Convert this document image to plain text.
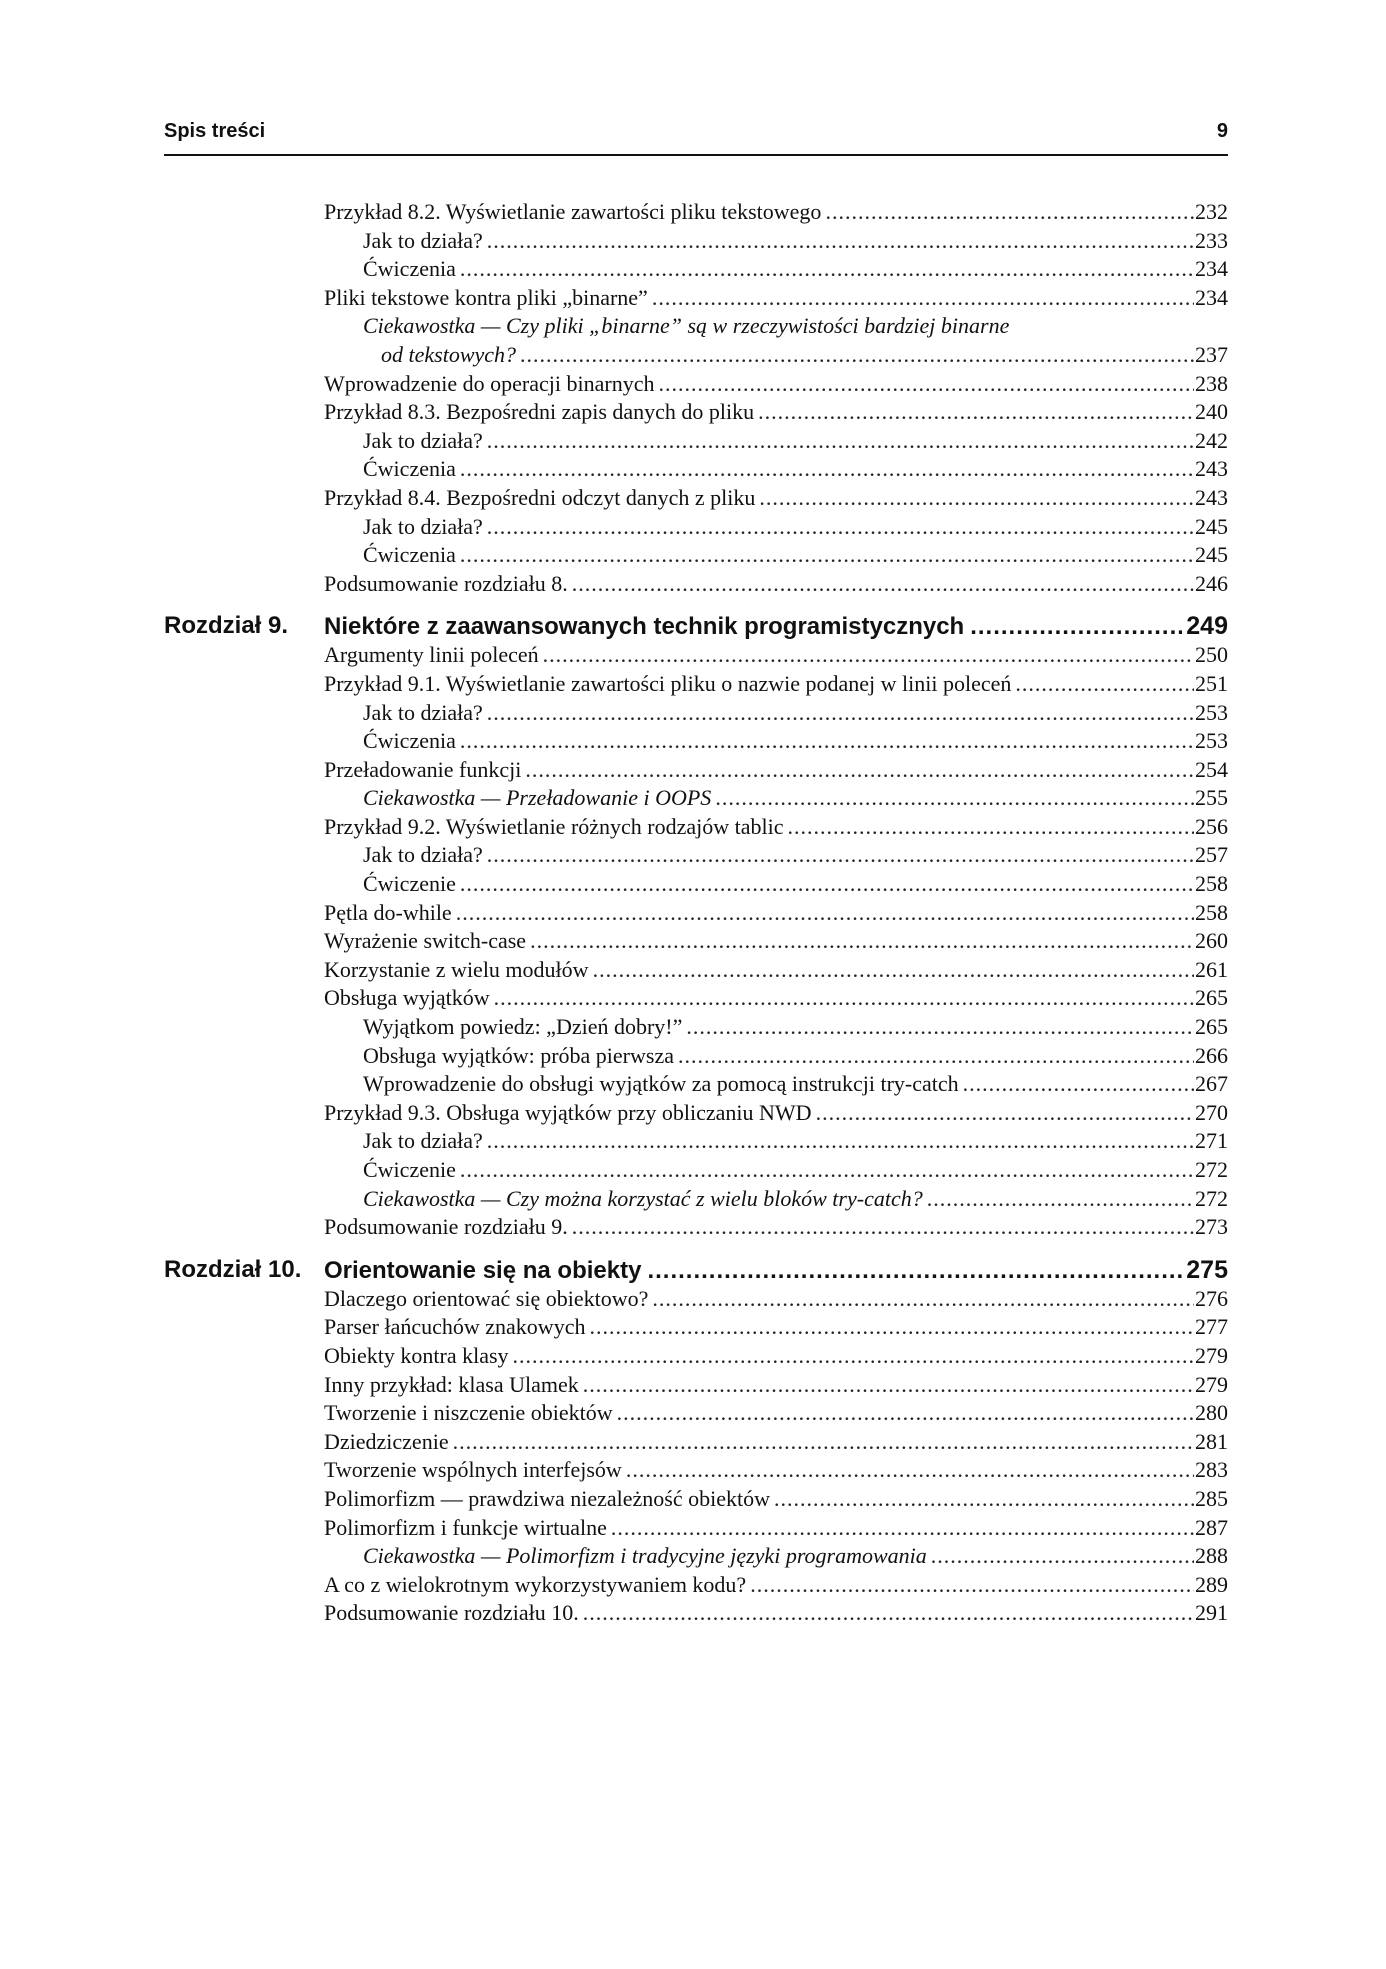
Spis treści	9
Przykład 8.2. Wyświetlanie zawartości pliku tekstowego .....	232
Jak to działa? .....	233
Ćwiczenia .....	234
Pliki tekstowe kontra pliki „binarne” .....	234
Ciekawostka — Czy pliki „binarne” są w rzeczywistości bardziej binarne
od tekstowych? .....	237
Wprowadzenie do operacji binarnych .....	238
Przykład 8.3. Bezpośredni zapis danych do pliku .....	240
Jak to działa? .....	242
Ćwiczenia .....	243
Przykład 8.4. Bezpośredni odczyt danych z pliku .....	243
Jak to działa? .....	245
Ćwiczenia .....	245
Podsumowanie rozdziału 8. .....	246
Rozdział 9. Niektóre z zaawansowanych technik programistycznych .....	249
Argumenty linii poleceń .....	250
Przykład 9.1. Wyświetlanie zawartości pliku o nazwie podanej w linii poleceń .....	251
Jak to działa? .....	253
Ćwiczenia .....	253
Przeładowanie funkcji .....	254
Ciekawostka — Przeładowanie i OOPS .....	255
Przykład 9.2. Wyświetlanie różnych rodzajów tablic .....	256
Jak to działa? .....	257
Ćwiczenie .....	258
Pętla do-while .....	258
Wyrażenie switch-case .....	260
Korzystanie z wielu modułów .....	261
Obsługa wyjątków .....	265
Wyjątkom powiedz: „Dzień dobry!” .....	265
Obsługa wyjątków: próba pierwsza .....	266
Wprowadzenie do obsługi wyjątków za pomocą instrukcji try-catch .....	267
Przykład 9.3. Obsługa wyjątków przy obliczaniu NWD .....	270
Jak to działa? .....	271
Ćwiczenie .....	272
Ciekawostka — Czy można korzystać z wielu bloków try-catch? .....	272
Podsumowanie rozdziału 9. .....	273
Rozdział 10. Orientowanie się na obiekty .....	275
Dlaczego orientować się obiektowo? .....	276
Parser łańcuchów znakowych .....	277
Obiekty kontra klasy .....	279
Inny przykład: klasa Ulamek .....	279
Tworzenie i niszczenie obiektów .....	280
Dziedziczenie .....	281
Tworzenie wspólnych interfejsów .....	283
Polimorfizm — prawdziwa niezależność obiektów .....	285
Polimorfizm i funkcje wirtualne .....	287
Ciekawostka — Polimorfizm i tradycyjne języki programowania .....	288
A co z wielokrotnym wykorzystywaniem kodu? .....	289
Podsumowanie rozdziału 10. .....	291
